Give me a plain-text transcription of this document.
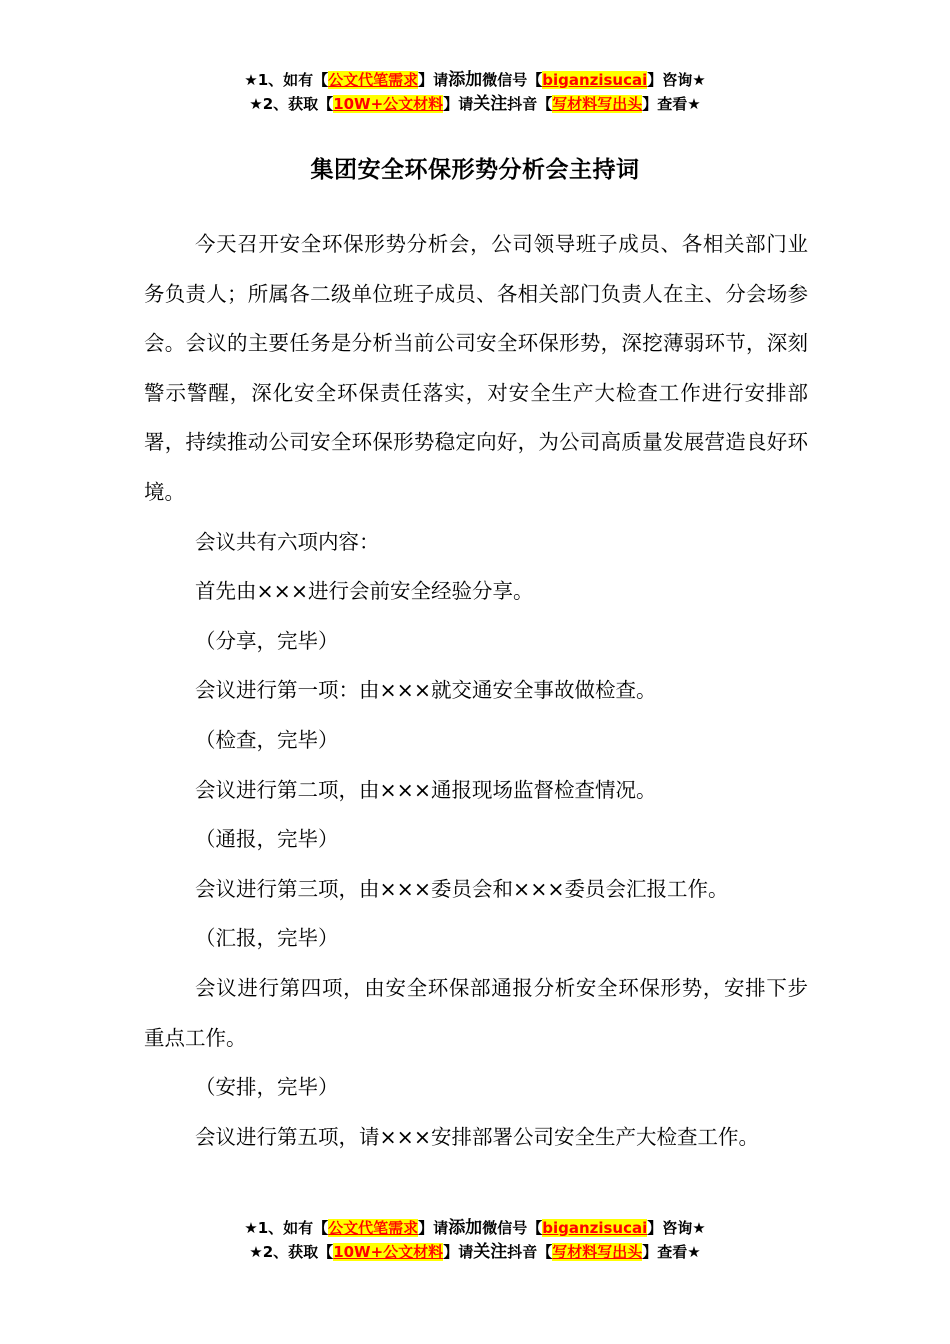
★1、如有【公文代笔需求】请添加微信号【biganzisucai】咨询★
★2、获取【10W+公文材料】请关注抖音【写材料写出头】查看★
集团安全环保形势分析会主持词

今天召开安全环保形势分析会，公司领导班子成员、各相关部门业务负责人；所属各二级单位班子成员、各相关部门负责人在主、分会场参会。会议的主要任务是分析当前公司安全环保形势，深挖薄弱环节，深刻警示警醒，深化安全环保责任落实，对安全生产大检查工作进行安排部署，持续推动公司安全环保形势稳定向好，为公司高质量发展营造良好环境。

会议共有六项内容：

首先由×××进行会前安全经验分享。

（分享，完毕）

会议进行第一项：由×××就交通安全事故做检查。

（检查，完毕）

会议进行第二项，由×××通报现场监督检查情况。

（通报，完毕）

会议进行第三项，由×××委员会和×××委员会汇报工作。

（汇报，完毕）

会议进行第四项，由安全环保部通报分析安全环保形势，安排下步重点工作。

（安排，完毕）

会议进行第五项，请×××安排部署公司安全生产大检查工作。

★1、如有【公文代笔需求】请添加微信号【biganzisucai】咨询★
★2、获取【10W+公文材料】请关注抖音【写材料写出头】查看★
